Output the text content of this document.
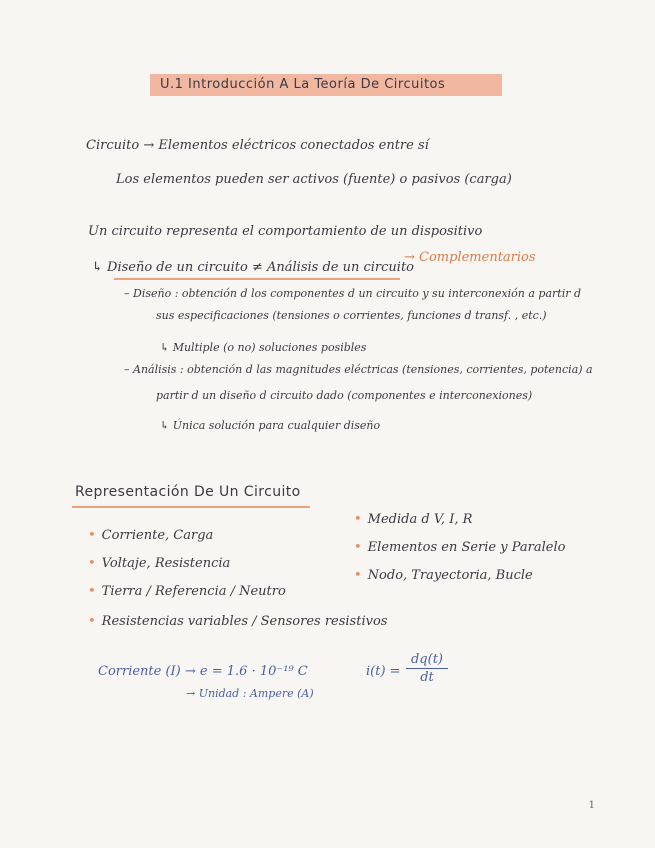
U.1 Introducción A La Teoría De Circuitos
Circuito → Elementos eléctricos conectados entre sí
Los elementos pueden ser activos (fuente) o pasivos (carga)
Un circuito representa el comportamiento de un dispositivo
↳ Diseño de un circuito ≠ Análisis de un circuito
→ Complementarios
– Diseño : obtención d los componentes d un circuito y su interconexión a partir d
sus especificaciones (tensiones o corrientes, funciones d transf. , etc.)
↳ Multiple (o no) soluciones posibles
– Análisis : obtención d las magnitudes eléctricas (tensiones, corrientes, potencia) a
partir d un diseño d circuito dado (componentes e interconexiones)
↳ Única solución para cualquier diseño
Representación De Un Circuito
• Corriente, Carga
• Voltaje, Resistencia
• Tierra / Referencia / Neutro
• Resistencias variables / Sensores resistivos
• Medida d V, I, R
• Elementos en Serie y Paralelo
• Nodo, Trayectoria, Bucle
Corriente (I) → e = 1.6 · 10⁻¹⁹ C
→ Unidad : Ampere (A)
i(t) =
dq(t)
dt
1
